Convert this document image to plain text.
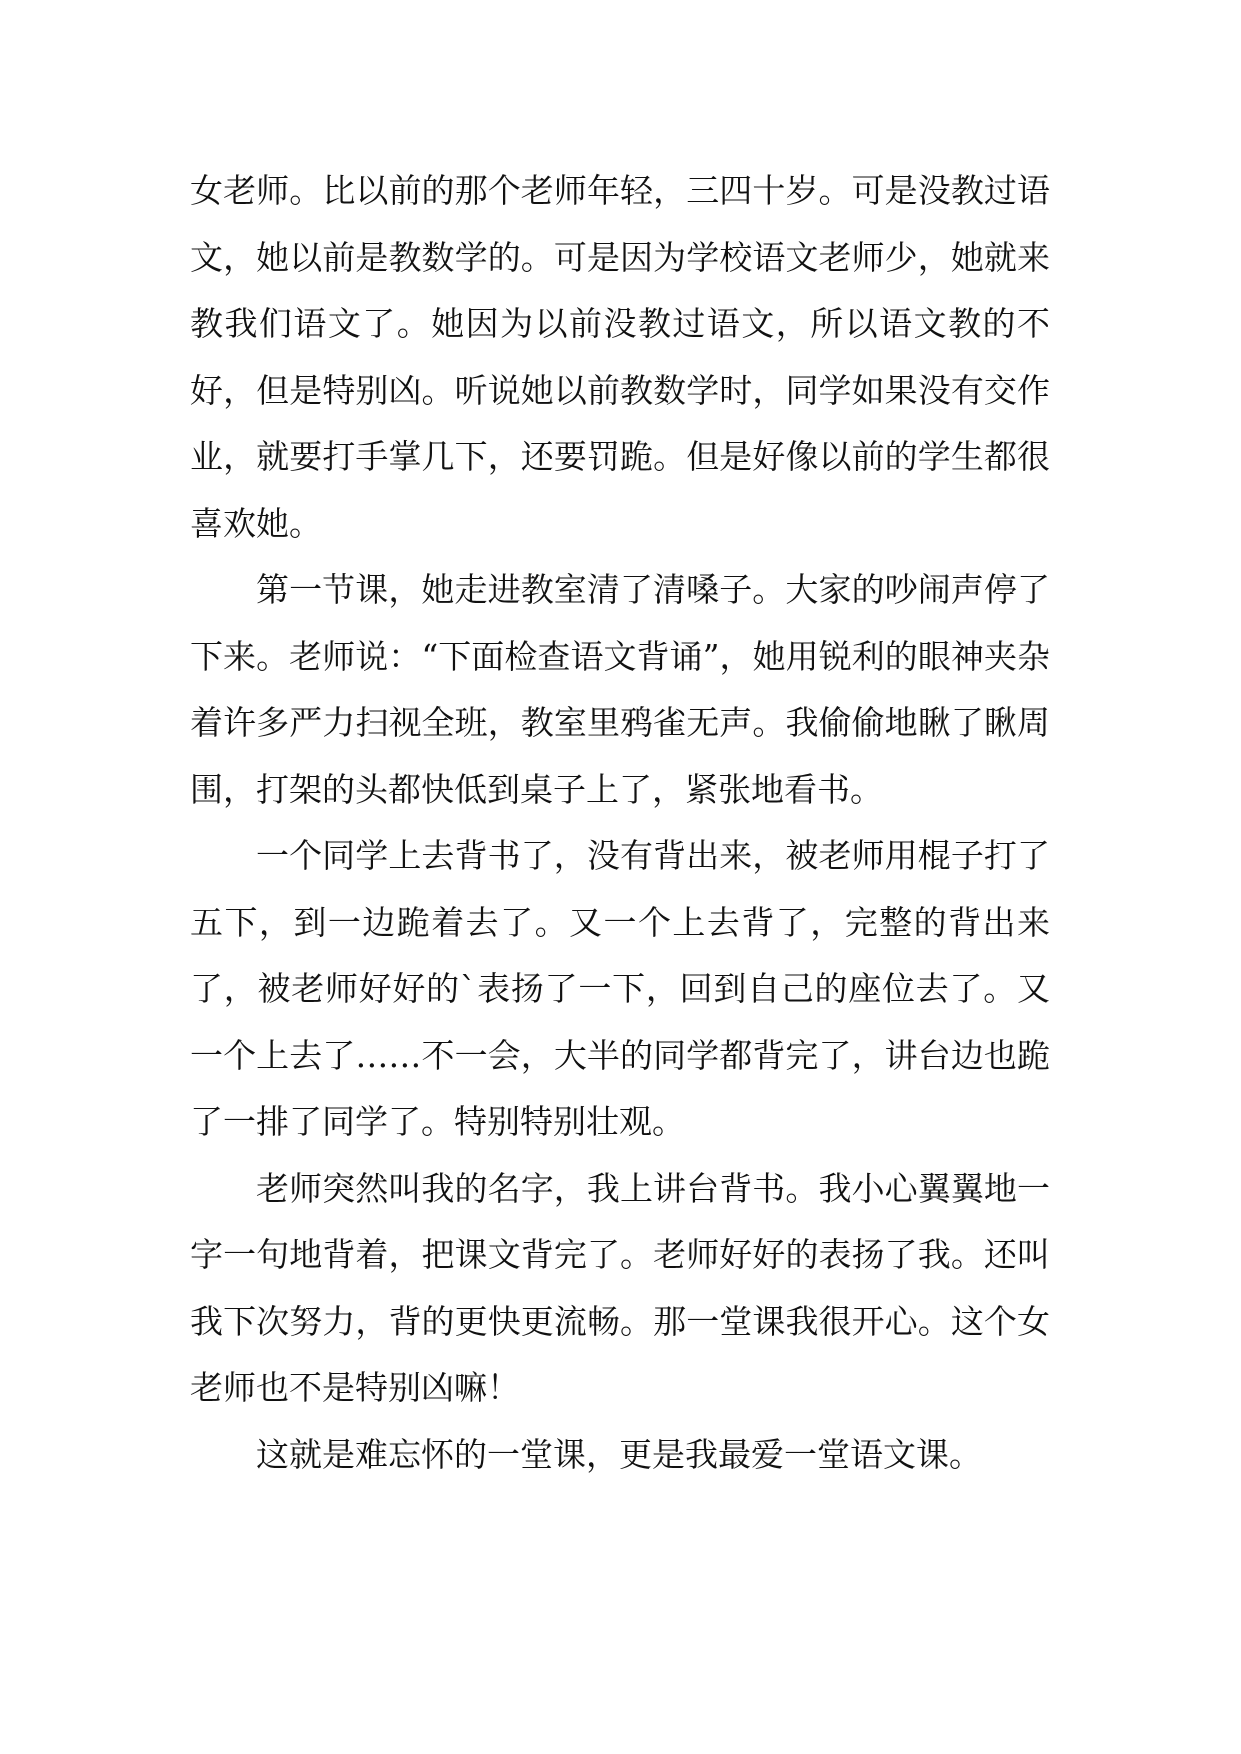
女老师。比以前的那个老师年轻，三四十岁。可是没教过语文，她以前是教数学的。可是因为学校语文老师少，她就来教我们语文了。她因为以前没教过语文，所以语文教的不好，但是特别凶。听说她以前教数学时，同学如果没有交作业，就要打手掌几下，还要罚跪。但是好像以前的学生都很喜欢她。

第一节课，她走进教室清了清嗓子。大家的吵闹声停了下来。老师说：“下面检查语文背诵”，她用锐利的眼神夹杂着许多严力扫视全班，教室里鸦雀无声。我偷偷地瞅了瞅周围，打架的头都快低到桌子上了，紧张地看书。

一个同学上去背书了，没有背出来，被老师用棍子打了五下，到一边跪着去了。又一个上去背了，完整的背出来了，被老师好好的`表扬了一下，回到自己的座位去了。又一个上去了……不一会，大半的同学都背完了，讲台边也跪了一排了同学了。特别特别壮观。

老师突然叫我的名字，我上讲台背书。我小心翼翼地一字一句地背着，把课文背完了。老师好好的表扬了我。还叫我下次努力，背的更快更流畅。那一堂课我很开心。这个女老师也不是特别凶嘛！

这就是难忘怀的一堂课，更是我最爱一堂语文课。
